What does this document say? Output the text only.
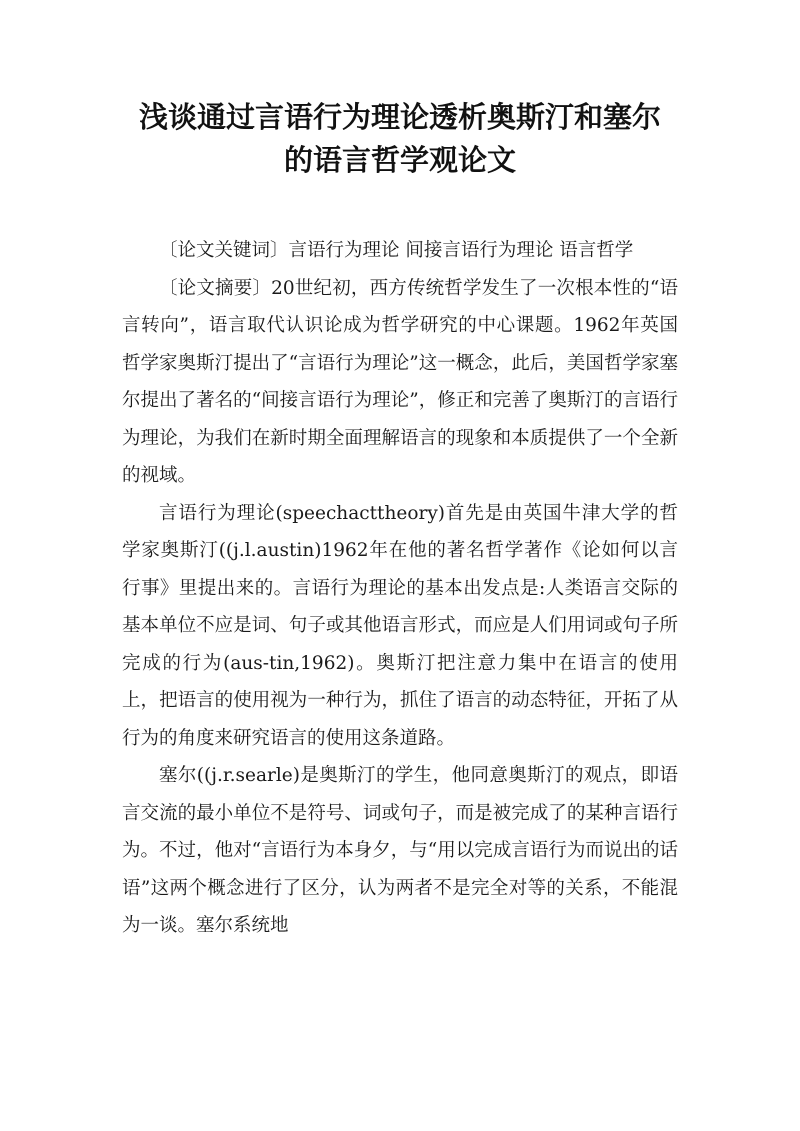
浅谈通过言语行为理论透析奥斯汀和塞尔
的语言哲学观论文

〔论文关键词〕言语行为理论 间接言语行为理论 语言哲学

〔论文摘要〕20世纪初，西方传统哲学发生了一次根本性的“语言转向”，语言取代认识论成为哲学研究的中心课题。1962年英国哲学家奥斯汀提出了“言语行为理论”这一概念，此后，美国哲学家塞尔提出了著名的“间接言语行为理论”，修正和完善了奥斯汀的言语行为理论，为我们在新时期全面理解语言的现象和本质提供了一个全新的视域。

言语行为理论(speechacttheory)首先是由英国牛津大学的哲学家奥斯汀((j.l.austin)1962年在他的著名哲学著作《论如何以言行事》里提出来的。言语行为理论的基本出发点是:人类语言交际的基本单位不应是词、句子或其他语言形式，而应是人们用词或句子所完成的行为(aus-tin,1962)。奥斯汀把注意力集中在语言的使用上，把语言的使用视为一种行为，抓住了语言的动态特征，开拓了从行为的角度来研究语言的使用这条道路。

塞尔((j.r.searle)是奥斯汀的学生，他同意奥斯汀的观点，即语言交流的最小单位不是符号、词或句子，而是被完成了的某种言语行为。不过，他对“言语行为本身夕，与“用以完成言语行为而说出的话语”这两个概念进行了区分，认为两者不是完全对等的关系，不能混为一谈。塞尔系统地
